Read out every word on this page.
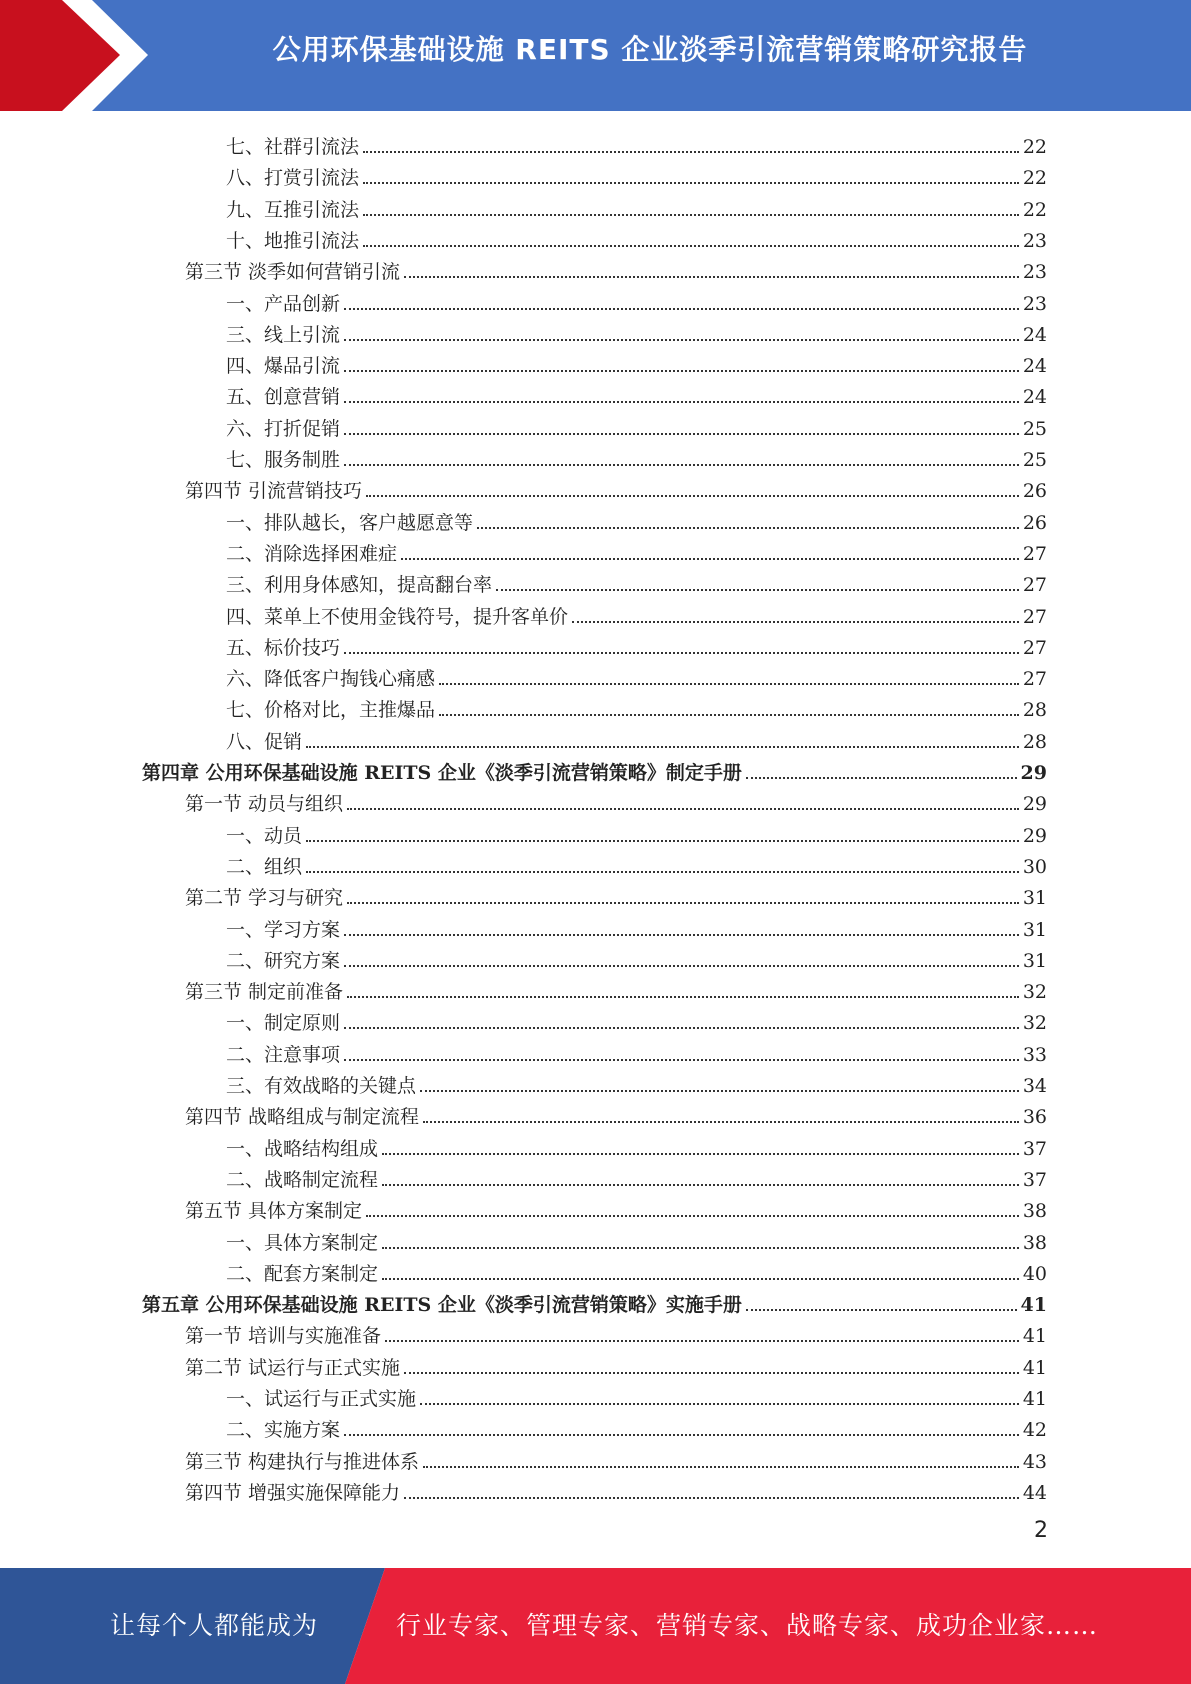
公用环保基础设施 REITS 企业淡季引流营销策略研究报告
七、社群引流法	22
八、打赏引流法	22
九、互推引流法	22
十、地推引流法	23
第三节 淡季如何营销引流	23
一、产品创新	23
三、线上引流	24
四、爆品引流	24
五、创意营销	24
六、打折促销	25
七、服务制胜	25
第四节 引流营销技巧	26
一、排队越长，客户越愿意等	26
二、消除选择困难症	27
三、利用身体感知，提高翻台率	27
四、菜单上不使用金钱符号，提升客单价	27
五、标价技巧	27
六、降低客户掏钱心痛感	27
七、价格对比，主推爆品	28
八、促销	28
第四章 公用环保基础设施 REITS 企业《淡季引流营销策略》制定手册	29
第一节 动员与组织	29
一、动员	29
二、组织	30
第二节 学习与研究	31
一、学习方案	31
二、研究方案	31
第三节 制定前准备	32
一、制定原则	32
二、注意事项	33
三、有效战略的关键点	34
第四节 战略组成与制定流程	36
一、战略结构组成	37
二、战略制定流程	37
第五节 具体方案制定	38
一、具体方案制定	38
二、配套方案制定	40
第五章 公用环保基础设施 REITS 企业《淡季引流营销策略》实施手册	41
第一节 培训与实施准备	41
第二节 试运行与正式实施	41
一、试运行与正式实施	41
二、实施方案	42
第三节 构建执行与推进体系	43
第四节 增强实施保障能力	44
2
让每个人都能成为	行业专家、管理专家、营销专家、战略专家、成功企业家……
